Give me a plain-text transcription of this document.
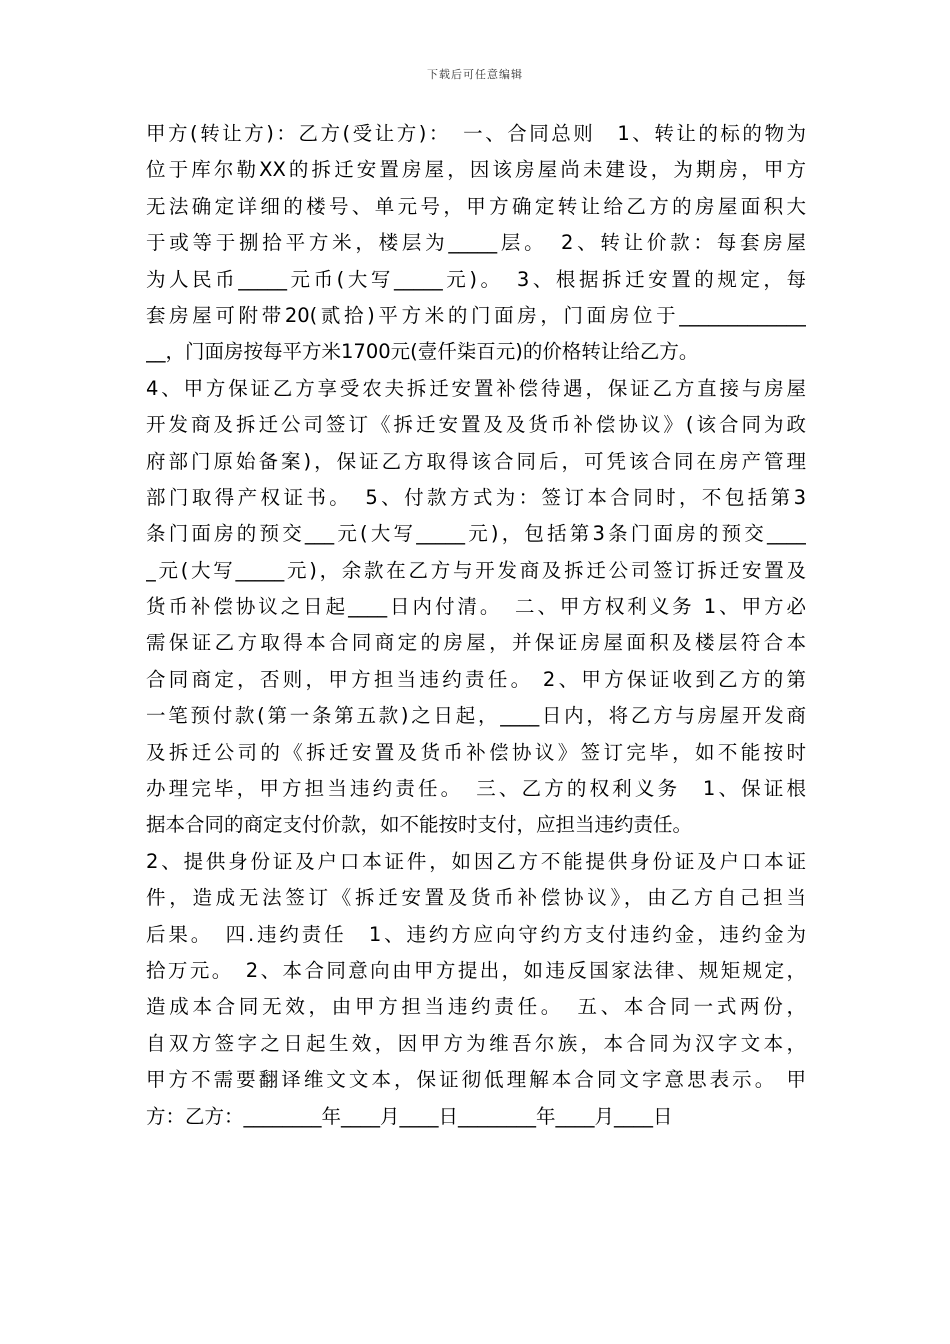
下载后可任意编辑
甲方(转让方)：乙方(受让方)：　一、合同总则　1、转让的标的物为
位于库尔勒XX的拆迁安置房屋，因该房屋尚未建设，为期房，甲方
无法确定详细的楼号、单元号，甲方确定转让给乙方的房屋面积大
于或等于捌拾平方米，楼层为_____层。　2、转让价款：每套房屋
为人民币_____元币(大写_____元)。　3、根据拆迁安置的规定，每
套房屋可附带20(贰拾)平方米的门面房，门面房位于_____________
__，门面房按每平方米1700元(壹仟柒百元)的价格转让给乙方。
4、甲方保证乙方享受农夫拆迁安置补偿待遇，保证乙方直接与房屋
开发商及拆迁公司签订《拆迁安置及及货币补偿协议》(该合同为政
府部门原始备案)，保证乙方取得该合同后，可凭该合同在房产管理
部门取得产权证书。　5、付款方式为：签订本合同时，不包括第3
条门面房的预交___元(大写_____元)，包括第3条门面房的预交____
_元(大写_____元)，余款在乙方与开发商及拆迁公司签订拆迁安置及
货币补偿协议之日起____日内付清。　二、甲方权利义务 1、甲方必
需保证乙方取得本合同商定的房屋，并保证房屋面积及楼层符合本
合同商定，否则，甲方担当违约责任。 2、甲方保证收到乙方的第
一笔预付款(第一条第五款)之日起，____日内，将乙方与房屋开发商
及拆迁公司的《拆迁安置及货币补偿协议》签订完毕，如不能按时
办理完毕，甲方担当违约责任。　三、乙方的权利义务　1、保证根
据本合同的商定支付价款，如不能按时支付，应担当违约责任。
2、提供身份证及户口本证件，如因乙方不能提供身份证及户口本证
件，造成无法签订《拆迁安置及货币补偿协议》，由乙方自己担当
后果。　四.违约责任　1、违约方应向守约方支付违约金，违约金为
拾万元。　2、本合同意向由甲方提出，如违反国家法律、规矩规定，
造成本合同无效，由甲方担当违约责任。　五、本合同一式两份，
自双方签字之日起生效，因甲方为维吾尔族，本合同为汉字文本，
甲方不需要翻译维文文本，保证彻低理解本合同文字意思表示。 甲
方：乙方：________年____月____日________年____月____日
